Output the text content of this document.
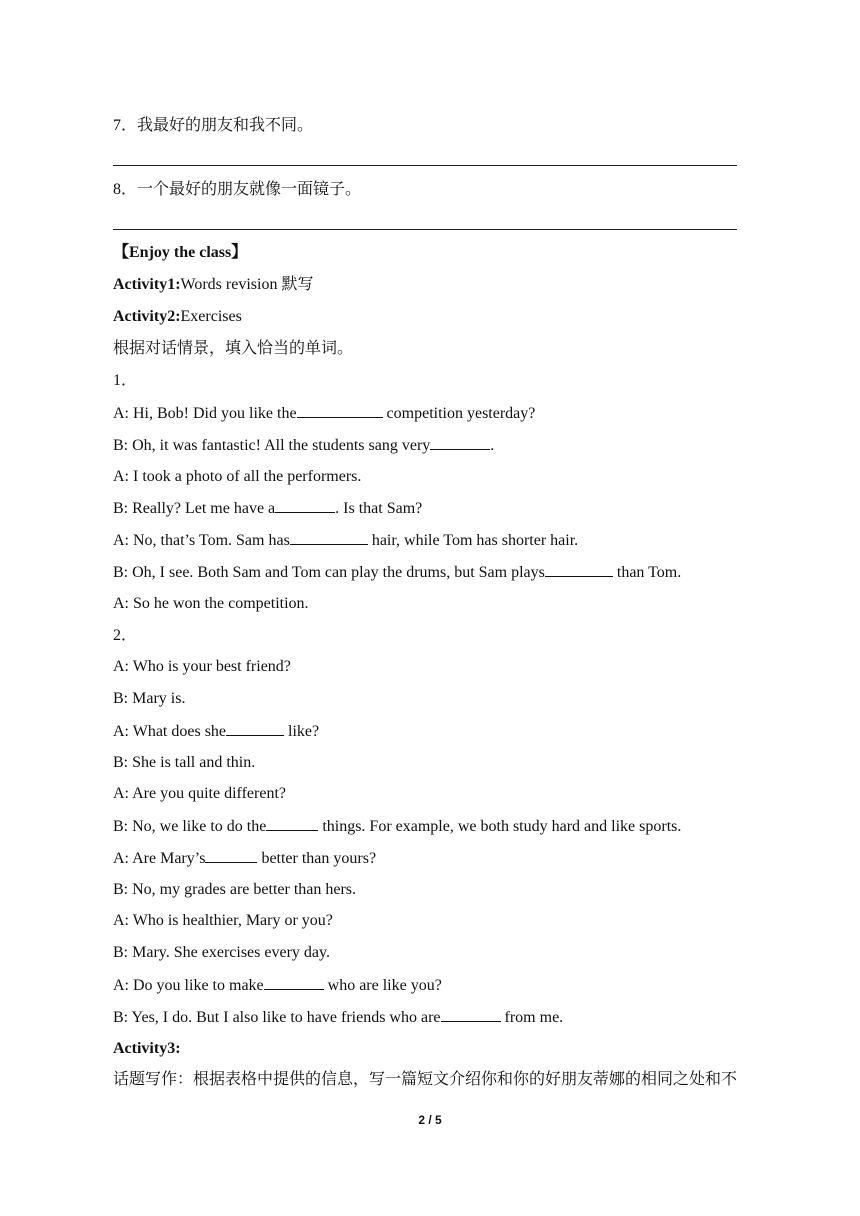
7．我最好的朋友和我不同。
8．一个最好的朋友就像一面镜子。
【Enjoy the class】
Activity1:Words revision 默写
Activity2:Exercises
根据对话情景，填入恰当的单词。
1．
A: Hi, Bob! Did you like the	competition yesterday?
B: Oh, it was fantastic! All the students sang very	.
A: I took a photo of all the performers.
B: Really? Let me have a	. Is that Sam?
A: No, that’s Tom. Sam has	hair, while Tom has shorter hair.
B: Oh, I see. Both Sam and Tom can play the drums, but Sam plays	than Tom.
A: So he won the competition.
2．
A: Who is your best friend?
B: Mary is.
A: What does she	like?
B: She is tall and thin.
A: Are you quite different?
B: No, we like to do the	things. For example, we both study hard and like sports.
A: Are Mary’s	better than yours?
B: No, my grades are better than hers.
A: Who is healthier, Mary or you?
B: Mary. She exercises every day.
A: Do you like to make	who are like you?
B: Yes, I do. But I also like to have friends who are	from me.
Activity3:
话题写作：根据表格中提供的信息，写一篇短文介绍你和你的好朋友蒂娜的相同之处和不
2 / 5
